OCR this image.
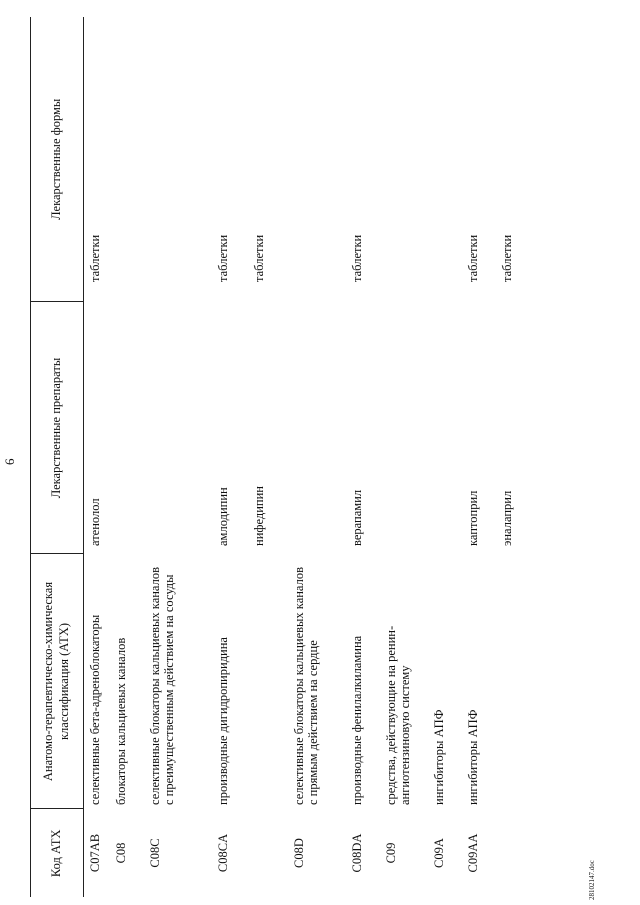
6
Код АТХ	Анатомо-терапевтическо-химическая классификация (АТХ)	Лекарственные препараты	Лекарственные формы
C07AB	селективные бета-адреноблокаторы	атенолол	таблетки
C08	блокаторы кальциевых каналов		
C08C	селективные блокаторы кальциевых каналов с преимущественным действием на сосуды		
C08CA	производные дигидропиридина	амлодипин	таблетки
		нифедипин	таблетки
C08D	селективные блокаторы кальциевых каналов с прямым действием на сердце		
C08DA	производные фенилалкиламина	верапамил	таблетки
C09	средства, действующие на ренин-ангиотензиновую систему		
C09A	ингибиторы АПФ		
C09AA	ингибиторы АПФ	каптоприл	таблетки
		эналаприл	таблетки
28102147.doc
